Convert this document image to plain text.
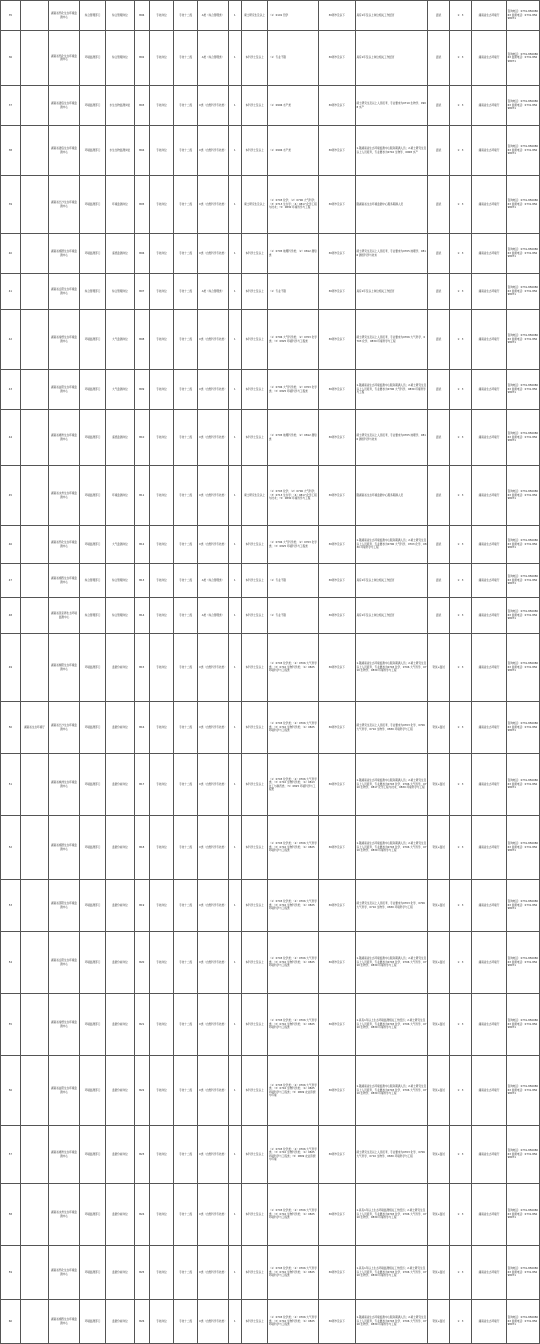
35		湖南省怀化生态环境监测中心	综合管理部门	综合管理岗位	B06	专技岗位	专技十二级	A类（综合管理类）	1	硕士研究生及以上	（1）0101 哲学	30周岁及以下	具有1年及以上岗位相关工作经历	面试	1：3	湖南省生态环境厅	咨询电话：0731-85698063 监督电话：0731-85698071
36		湖南省怀化生态环境监测中心	环境监测部门	综合管理岗位	B02	专技岗位	专技十二级	A类（综合管理类）	1	本科学士及以上	（1）专业不限	30周岁及以下	具有1年及以上岗位相关工作经历	面试	1：3	湖南省生态环境厅	咨询电话：0731-85698063 监督电话：0731-85698071
37		湖南省娄底生态环境监测中心	环境监测部门	水生生物监测岗位	B03	专技岗位	专技十二级	C类（自然科学专技类）	1	本科学士及以上	（1）0906 水产类	30周岁及以下	硕士研究生及以上人员报考，专业要求为0710 生物学、0908 水产	面试	1：3	湖南省生态环境厅	咨询电话：0731-85698063 监督电话：0731-85698071
38		湖南省娄底生态环境监测中心	环境监测部门	水生生物监测岗位	B04	专技岗位	专技十二级	C类（自然科学专技类）	1	本科学士及以上	（1）0906 水产类	30周岁及以下	1.限湖南省生态环境监测中心服务期满人员；2.硕士研究生及以上人员报考，专业要求为0710 生物学、0908 水产	面试	1：3	湖南省生态环境厅	咨询电话：0731-85698063 监督电话：0731-85698071
39		湖南省长沙生态环境监测中心	环境监测部门	环境监测岗位	B05	专技岗位	专技十二级	C类（自然科学专技类）	1	硕士研究生及以上	（1）0703 化学；（2）0706 大气科学；（3）0713 生态学；（4）0817 化学工程与技术；（5）0830 环境科学与工程	30周岁及以下	限湖南省生态环境监测中心服务期满人员	面试	1：3	湖南省生态环境厅	咨询电话：0731-85698063 监督电话：0731-85698071
40		湖南省湘潭生态环境监测中心	环境监测部门	遥感监测岗位	B06	专技岗位	专技十二级	C类（自然科学专技类）	1	本科学士及以上	（1）0705 地理科学类；（2）0812 测绘类	30周岁及以下	硕士研究生及以上人员报考，专业要求为0705 地理学、0816 测绘科学与技术	面试	1：3	湖南省生态环境厅	咨询电话：0731-85698063 监督电话：0731-85698071
41		湖南省岳阳生态环境监测中心	综合管理部门	综合管理岗位	B07	专技岗位	专技十二级	A类（综合管理类）	1	本科学士及以上	（1）专业不限	30周岁及以下	具有1年及以上岗位相关工作经历	面试	1：3	湖南省生态环境厅	咨询电话：0731-85698063 监督电话：0731-85698071
42		湖南省常德生态环境监测中心	环境监测部门	大气监测岗位	B08	专技岗位	专技十二级	C类（自然科学专技类）	1	本科学士及以上	（1）0706 大气科学类；（2）0703 化学类；（3）0825 环境科学与工程类	30周岁及以下	硕士研究生及以上人员报考，专业要求为0706 大气科学、0703 化学、0830 环境科学与工程	面试	1：3	湖南省生态环境厅	咨询电话：0731-85698063 监督电话：0731-85698071
43		湖南省益阳生态环境监测中心	环境监测部门	大气监测岗位	B09	专技岗位	专技十二级	C类（自然科学专技类）	1	本科学士及以上	（1）0706 大气科学类；（2）0703 化学类；（3）0825 环境科学与工程类	30周岁及以下	1.限湖南省生态环境监测中心服务期满人员；2.硕士研究生及以上人员报考，专业要求为0706 大气科学、0830 环境科学与工程	面试	1：3	湖南省生态环境厅	咨询电话：0731-85698063 监督电话：0731-85698071
44		湖南省郴州生态环境监测中心	环境监测部门	遥感监测岗位	B10	专技岗位	专技十二级	C类（自然科学专技类）	1	本科学士及以上	（1）0705 地理科学类；（2）0812 测绘类	30周岁及以下	硕士研究生及以上人员报考，专业要求为0705 地理学、0816 测绘科学与技术	面试	1：3	湖南省生态环境厅	咨询电话：0731-85698063 监督电话：0731-85698071
45		湖南省永州生态环境监测中心	环境监测部门	环境监测岗位	B11	专技岗位	专技十二级	C类（自然科学专技类）	1	硕士研究生及以上	（1）0703 化学；（2）0706 大气科学；（3）0713 生态学；（4）0817 化学工程与技术；（5）0830 环境科学与工程	30周岁及以下	限湖南省生态环境监测中心服务期满人员	面试	1：3	湖南省生态环境厅	咨询电话：0731-85698063 监督电话：0731-85698071
46		湖南省怀化生态环境监测中心	环境监测部门	大气监测岗位	B12	专技岗位	专技十二级	C类（自然科学专技类）	1	本科学士及以上	（1）0706 大气科学类；（2）0703 化学类；（3）0825 环境科学与工程类	30周岁及以下	1.限湖南省生态环境监测中心服务期满人员；2.硕士研究生及以上人员报考，专业要求为0706 大气科学、0703 化学、0830 环境科学与工程	面试	1：3	湖南省生态环境厅	咨询电话：0731-85698063 监督电话：0731-85698071
47		湖南省湘西生态环境监测中心	综合管理部门	综合管理岗位	B13	专技岗位	专技十二级	A类（综合管理类）	1	本科学士及以上	（1）专业不限	30周岁及以下	具有1年及以上岗位相关工作经历	面试	1：3	湖南省生态环境厅	咨询电话：0731-85698063 监督电话：0731-85698071
48		湖南省张家界生态环境监测中心	综合管理部门	综合管理岗位	B14	专技岗位	专技十二级	A类（综合管理类）	1	本科学士及以上	（1）专业不限	30周岁及以下	具有1年及以上岗位相关工作经历	面试	1：3	湖南省生态环境厅	咨询电话：0731-85698063 监督电话：0731-85698071
49		湖南省衡阳生态环境监测中心	环境监测部门	监测分析岗位	B15	专技岗位	专技十二级	C类（自然科学专技类）	1	本科学士及以上	（1）0703 化学类；（2）0706 大气科学类；（3）0710 生物科学类；（4）0825 环境科学与工程类	30周岁及以下	1.限湖南省生态环境监测中心服务期满人员；2.硕士研究生及以上人员报考，专业要求为0703 化学、0706 大气科学、0710 生物学、0830 环境科学与工程	笔试+面试	1：3	湖南省生态环境厅	咨询电话：0731-85698063 监督电话：0731-85698071
50	湖南省生态环境厅	湖南省长沙生态环境监测中心	环境监测部门	监测分析岗位	B16	专技岗位	专技十二级	C类（自然科学专技类）	1	本科学士及以上	（1）0703 化学类；（2）0706 大气科学类；（3）0710 生物科学类；（4）0825 环境科学与工程类	30周岁及以下	硕士研究生及以上人员报考，专业要求为0703 化学、0706 大气科学、0710 生物学、0830 环境科学与工程	笔试+面试	1：3	湖南省生态环境厅	咨询电话：0731-85698063 监督电话：0731-85698071
51		湖南省株洲生态环境监测中心	环境监测部门	监测分析岗位	B17	专技岗位	专技十二级	C类（自然科学专技类）	1	本科学士及以上	（1）0703 化学类；（2）0706 大气科学类；（3）0710 生物科学类；（4）0813 化工与制药类；（5）0825 环境科学与工程类	30周岁及以下	1.限湖南省生态环境监测中心服务期满人员；2.硕士研究生及以上人员报考，专业要求为0703 化学、0706 大气科学、0710 生物学、0817 化学工程与技术、0830 环境科学与工程	笔试+面试	1：3	湖南省生态环境厅	咨询电话：0731-85698063 监督电话：0731-85698071
52		湖南省湘潭生态环境监测中心	环境监测部门	监测分析岗位	B18	专技岗位	专技十二级	C类（自然科学专技类）	1	本科学士及以上	（1）0703 化学类；（2）0706 大气科学类；（3）0710 生物科学类；（4）0825 环境科学与工程类	30周岁及以下	1.限湖南省生态环境监测中心服务期满人员；2.硕士研究生及以上人员报考，专业要求为0703 化学、0706 大气科学、0710 生物学、0830 环境科学与工程	笔试+面试	1：3	湖南省生态环境厅	咨询电话：0731-85698063 监督电话：0731-85698071
53		湖南省邵阳生态环境监测中心	环境监测部门	监测分析岗位	B19	专技岗位	专技十二级	C类（自然科学专技类）	1	本科学士及以上	（1）0703 化学类；（2）0706 大气科学类；（3）0710 生物科学类；（4）0825 环境科学与工程类	30周岁及以下	硕士研究生及以上人员报考，专业要求为0703 化学、0706 大气科学、0710 生物学、0830 环境科学与工程	笔试+面试	1：3	湖南省生态环境厅	咨询电话：0731-85698063 监督电话：0731-85698071
54		湖南省岳阳生态环境监测中心	环境监测部门	监测分析岗位	B20	专技岗位	专技十二级	C类（自然科学专技类）	1	本科学士及以上	（1）0703 化学类；（2）0706 大气科学类；（3）0710 生物科学类；（4）0825 环境科学与工程类	30周岁及以下	1.限湖南省生态环境监测中心服务期满人员；2.硕士研究生及以上人员报考，专业要求为0703 化学、0706 大气科学、0710 生物学、0830 环境科学与工程	笔试+面试	1：3	湖南省生态环境厅	咨询电话：0731-85698063 监督电话：0731-85698071
55		湖南省常德生态环境监测中心	环境监测部门	监测分析岗位	B21	专技岗位	专技十二级	C类（自然科学专技类）	1	本科学士及以上	（1）0703 化学类；（2）0706 大气科学类；（3）0710 生物科学类；（4）0825 环境科学与工程类	30周岁及以下	1.具有1年以上生态环境监测相关工作经历；2.硕士研究生及以上人员报考，专业要求为0703 化学、0706 大气科学、0710 生物学、0830 环境科学与工程	笔试+面试	1：3	湖南省生态环境厅	咨询电话：0731-85698063 监督电话：0731-85698071
56		湖南省益阳生态环境监测中心	环境监测部门	监测分析岗位	B22	专技岗位	专技十二级	C类（自然科学专技类）	1	本科学士及以上	（1）0703 化学类；（2）0706 大气科学类；（3）0710 生物科学类；（4）0825 环境科学与工程类；（5）0809 农业资源与环境	30周岁及以下	1.限湖南省生态环境监测中心服务期满人员；2.硕士研究生及以上人员报考，专业要求为0703 化学、0706 大气科学、0710 生物学、0830 环境科学与工程	笔试+面试	1：3	湖南省生态环境厅	咨询电话：0731-85698063 监督电话：0731-85698071
57		湖南省郴州生态环境监测中心	环境监测部门	监测分析岗位	B23	专技岗位	专技十二级	C类（自然科学专技类）	1	本科学士及以上	（1）0703 化学类；（2）0706 大气科学类；（3）0710 生物科学类；（4）0825 环境科学与工程类；（5）0809 农业资源与环境	30周岁及以下	硕士研究生及以上人员报考，专业要求为0703 化学、0706 大气科学、0710 生物学、0830 环境科学与工程	笔试+面试	1：3	湖南省生态环境厅	咨询电话：0731-85698063 监督电话：0731-85698071
58		湖南省永州生态环境监测中心	环境监测部门	监测分析岗位	B24	专技岗位	专技十二级	C类（自然科学专技类）	1	本科学士及以上	（1）0703 化学类；（2）0706 大气科学类；（3）0710 生物科学类；（4）0825 环境科学与工程类	30周岁及以下	1.具有1年以上生态环境监测相关工作经历；2.硕士研究生及以上人员报考，专业要求为0703 化学、0706 大气科学、0710 生物学、0830 环境科学与工程	笔试+面试	1：3	湖南省生态环境厅	咨询电话：0731-85698063 监督电话：0731-85698071
59		湖南省怀化生态环境监测中心	环境监测部门	监测分析岗位	B25	专技岗位	专技十二级	C类（自然科学专技类）	1	本科学士及以上	（1）0703 化学类；（2）0706 大气科学类；（3）0710 生物科学类；（4）0825 环境科学与工程类	30周岁及以下	1.具有1年以上生态环境监测相关工作经历；2.硕士研究生及以上人员报考，专业要求为0703 化学、0706 大气科学、0710 生物学、0830 环境科学与工程	笔试+面试	1：3	湖南省生态环境厅	咨询电话：0731-85698063 监督电话：0731-85698071
60		湖南省湘西生态环境监测中心	环境监测部门	监测分析岗位	B26	专技岗位	专技十二级	C类（自然科学专技类）	1	本科学士及以上	（1）0703 化学类；（2）0706 大气科学类；（3）0710 生物科学类；（4）0825 环境科学与工程类	30周岁及以下	1.限湖南省生态环境监测中心服务期满人员；2.硕士研究生及以上人员报考，专业要求为0703 化学、0706 大气科学、0710 生物学、0830 环境科学与工程	笔试+面试	1：3	湖南省生态环境厅	咨询电话：0731-85698063 监督电话：0731-85698071
